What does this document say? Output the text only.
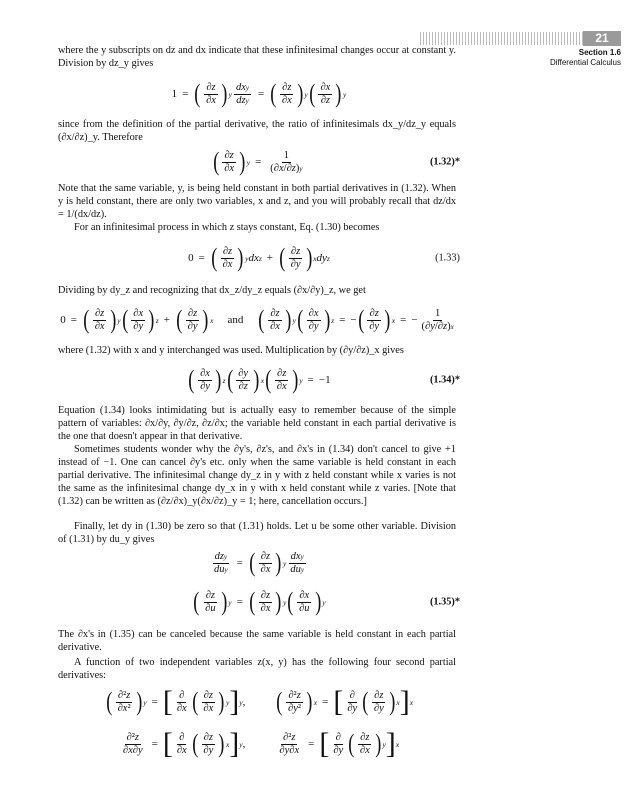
21
Section 1.6
Differential Calculus
where the y subscripts on dz and dx indicate that these infinitesimal changes occur at constant y. Division by dz_y gives
1 = ( $\frac{\partial z}{\partial x}$ ) y $\frac{\text{dxy}}{\text{dzy}}$ = ( $\frac{\partial z}{\partial x}$ ) y ( $\frac{\partial x}{\partial z}$ ) y
since from the definition of the partial derivative, the ratio of infinitesimals dx_y/dz_y equals (∂x/∂z)_y. Therefore
( $\frac{\partial z}{\partial x}$ ) $y = \frac{1}{(\partial x/\partial z)y}$	(1.32)*
Note that the same variable, y, is being held constant in both partial derivatives in (1.32). When y is held constant, there are only two variables, x and z, and you will probably recall that dz/dx = 1/(dx/dz).
For an infinitesimal process in which z stays constant, Eq. (1.30) becomes
0 = ( $\frac{\partial z}{\partial x}$ ) y dx z + ( $\frac{\partial z}{\partial y}$ ) x dy z	(1.33)
Dividing by dy_z and recognizing that dx_z/dy_z equals (∂x/∂y)_z, we get
0 = ( $\frac{\partial z}{\partial x}$ ) y ( $\frac{\partial x}{\partial y}$ ) z + ( $\frac{\partial z}{\partial y}$ ) x and ( $\frac{\partial z}{\partial x}$ ) y ( $\frac{\partial x}{\partial y}$ ) z = − ( $\frac{\partial z}{\partial y}$ ) x = − $\frac{1}{(\partial y/\partial z)x}$
where (1.32) with x and y interchanged was used. Multiplication by (∂y/∂z)_x gives
( $\frac{\partial x}{\partial y}$ ) z ( $\frac{\partial y}{\partial z}$ ) x ( $\frac{\partial z}{\partial x}$ ) y = −1	(1.34)*
Equation (1.34) looks intimidating but is actually easy to remember because of the simple pattern of variables: ∂x/∂y, ∂y/∂z, ∂z/∂x; the variable held constant in each partial derivative is the one that doesn't appear in that derivative.
Sometimes students wonder why the ∂y's, ∂z's, and ∂x's in (1.34) don't cancel to give +1 instead of −1. One can cancel ∂y's etc. only when the same variable is held constant in each partial derivative. The infinitesimal change dy_z in y with z held constant while x varies is not the same as the infinitesimal change dy_x in y with x held constant while z varies. [Note that (1.32) can be written as (∂z/∂x)_y(∂x/∂z)_y = 1; here, cancellation occurs.]
Finally, let dy in (1.30) be zero so that (1.31) holds. Let u be some other variable. Division of (1.31) by du_y gives
$\frac{\text{dzy}}{\text{duy}}$ = ( $\frac{\partial z}{\partial x}$ ) y $\frac{\text{dxy}}{\text{duy}}$
( $\frac{\partial z}{\partial u}$ ) y = ( $\frac{\partial z}{\partial x}$ ) y ( $\frac{\partial x}{\partial u}$ ) y	(1.35)*
The ∂x's in (1.35) can be canceled because the same variable is held constant in each partial derivative.
A function of two independent variables z(x, y) has the following four second partial derivatives:
( $\frac{\text{∂²z}}{\text{∂x²}}$ ) y = [ $\frac{\partial}{\partial x}$ ( $\frac{\partial z}{\partial x}$ ) y ] y , ( $\frac{\text{∂²z}}{\text{∂y²}}$ ) x = [ $\frac{\partial}{\partial y}$ ( $\frac{\partial z}{\partial y}$ ) x ] x
$\frac{\text{∂²z}}{\partial x\partial y}$ = [ $\frac{\partial}{\partial x}$ ( $\frac{\partial z}{\partial y}$ ) x ] y ,	$\frac{\text{∂²z}}{\partial y\partial x}$ = [ $\frac{\partial}{\partial y}$ ( $\frac{\partial z}{\partial x}$ ) y ] x
